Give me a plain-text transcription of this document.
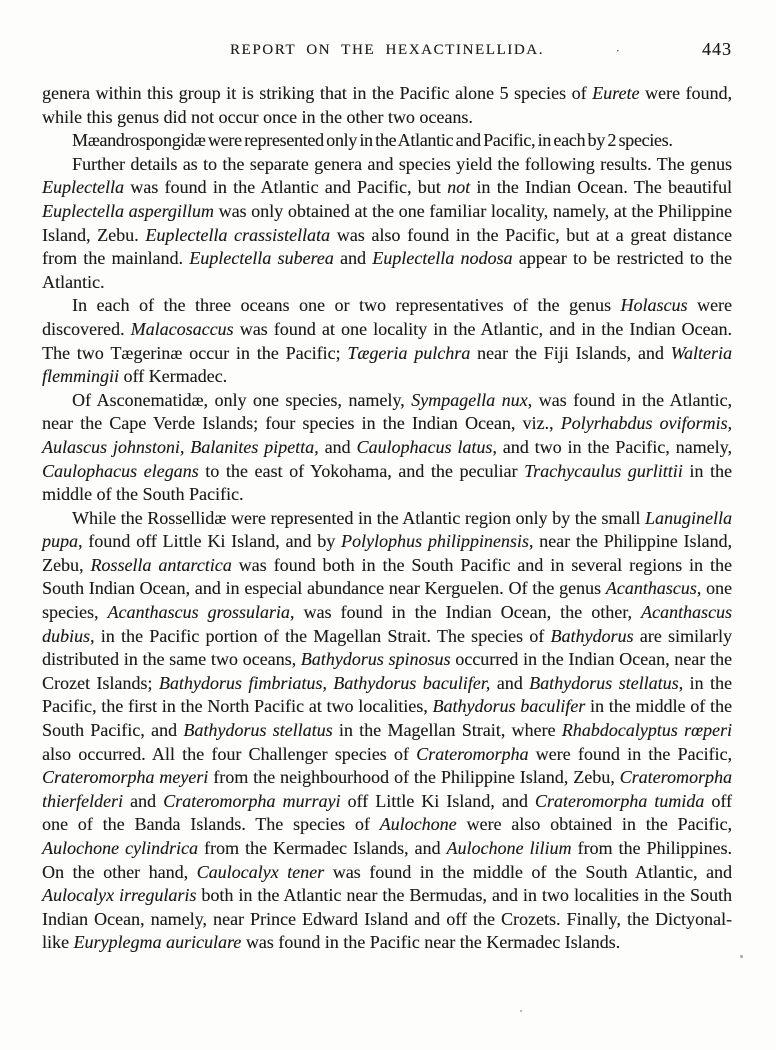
REPORT ON THE HEXACTINELLIDA.	·	443

genera within this group it is striking that in the Pacific alone 5 species of Eurete were found, while this genus did not occur once in the other two oceans.

Mæandrospongidæ were represented only in the Atlantic and Pacific, in each by 2 species.

Further details as to the separate genera and species yield the following results. The genus Euplectella was found in the Atlantic and Pacific, but not in the Indian Ocean. The beautiful Euplectella aspergillum was only obtained at the one familiar locality, namely, at the Philippine Island, Zebu. Euplectella crassistellata was also found in the Pacific, but at a great distance from the mainland. Euplectella suberea and Euplectella nodosa appear to be restricted to the Atlantic.

In each of the three oceans one or two representatives of the genus Holascus were discovered. Malacosaccus was found at one locality in the Atlantic, and in the Indian Ocean. The two Tægerinæ occur in the Pacific; Tægeria pulchra near the Fiji Islands, and Walteria flemmingii off Kermadec.

Of Asconematidæ, only one species, namely, Sympagella nux, was found in the Atlantic, near the Cape Verde Islands; four species in the Indian Ocean, viz., Polyrhabdus oviformis, Aulascus johnstoni, Balanites pipetta, and Caulophacus latus, and two in the Pacific, namely, Caulophacus elegans to the east of Yokohama, and the peculiar Trachycaulus gurlittii in the middle of the South Pacific.

While the Rossellidæ were represented in the Atlantic region only by the small Lanuginella pupa, found off Little Ki Island, and by Polylophus philippinensis, near the Philippine Island, Zebu, Rossella antarctica was found both in the South Pacific and in several regions in the South Indian Ocean, and in especial abundance near Kerguelen. Of the genus Acanthascus, one species, Acanthascus grossularia, was found in the Indian Ocean, the other, Acanthascus dubius, in the Pacific portion of the Magellan Strait. The species of Bathydorus are similarly distributed in the same two oceans, Bathydorus spinosus occurred in the Indian Ocean, near the Crozet Islands; Bathydorus fimbriatus, Bathydorus baculifer, and Bathydorus stellatus, in the Pacific, the first in the North Pacific at two localities, Bathydorus baculifer in the middle of the South Pacific, and Bathydorus stellatus in the Magellan Strait, where Rhabdocalyptus rœperi also occurred. All the four Challenger species of Crateromorpha were found in the Pacific, Crateromorpha meyeri from the neighbourhood of the Philippine Island, Zebu, Crateromorpha thierfelderi and Crateromorpha murrayi off Little Ki Island, and Crateromorpha tumida off one of the Banda Islands. The species of Aulochone were also obtained in the Pacific, Aulochone cylindrica from the Kermadec Islands, and Aulochone lilium from the Philippines. On the other hand, Caulocalyx tener was found in the middle of the South Atlantic, and Aulocalyx irregularis both in the Atlantic near the Bermudas, and in two localities in the South Indian Ocean, namely, near Prince Edward Island and off the Crozets. Finally, the Dictyonal-like Euryplegma auriculare was found in the Pacific near the Kermadec Islands.
